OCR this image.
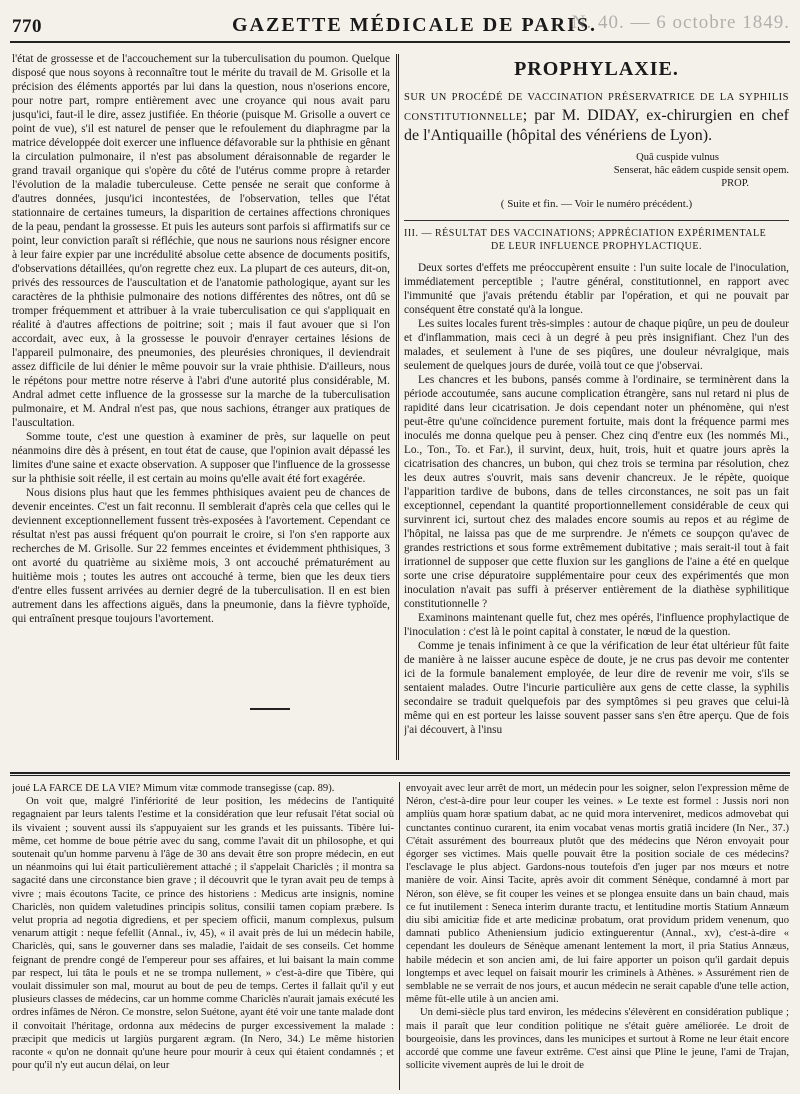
770	GAZETTE MÉDICALE DE PARIS.
N. 40. — 6 octobre 1849.

l'état de grossesse et de l'accouchement sur la tuberculisation du poumon. Quelque disposé que nous soyons à reconnaître tout le mérite du travail de M. Grisolle et la précision des éléments apportés par lui dans la question, nous n'oserions encore, pour notre part, rompre entièrement avec une croyance qui nous avait paru jusqu'ici, faut-il le dire, assez justifiée. En théorie (puisque M. Grisolle a ouvert ce point de vue), s'il est naturel de penser que le refoulement du diaphragme par la matrice développée doit exercer une influence défavorable sur la phthisie en gênant la circulation pulmonaire, il n'est pas absolument déraisonnable de regarder le grand travail organique qui s'opère du côté de l'utérus comme propre à retarder l'évolution de la maladie tuberculeuse. Cette pensée ne serait que conforme à d'autres données, jusqu'ici incontestées, de l'observation, telles que l'état stationnaire de certaines tumeurs, la disparition de certaines affections chroniques de la peau, pendant la grossesse. Et puis les auteurs sont parfois si affirmatifs sur ce point, leur conviction paraît si réfléchie, que nous ne saurions nous résigner encore à leur faire expier par une incrédulité absolue cette absence de documents positifs, d'observations détaillées, qu'on regrette chez eux. La plupart de ces auteurs, dit-on, privés des ressources de l'auscultation et de l'anatomie pathologique, ayant sur les caractères de la phthisie pulmonaire des notions différentes des nôtres, ont dû se tromper fréquemment et attribuer à la vraie tuberculisation ce qui s'appliquait en réalité à d'autres affections de poitrine; soit ; mais il faut avouer que si l'on accordait, avec eux, à la grossesse le pouvoir d'enrayer certaines lésions de l'appareil pulmonaire, des pneumonies, des pleurésies chroniques, il deviendrait assez difficile de lui dénier le même pouvoir sur la vraie phthisie. D'ailleurs, nous le répétons pour mettre notre réserve à l'abri d'une autorité plus considérable, M. Andral admet cette influence de la grossesse sur la marche de la tuberculisation pulmonaire, et M. Andral n'est pas, que nous sachions, étranger aux pratiques de l'auscultation.

Somme toute, c'est une question à examiner de près, sur laquelle on peut néanmoins dire dès à présent, en tout état de cause, que l'opinion avait dépassé les limites d'une saine et exacte observation. A supposer que l'influence de la grossesse sur la phthisie soit réelle, il est certain au moins qu'elle avait été fort exagérée.

Nous disions plus haut que les femmes phthisiques avaient peu de chances de devenir enceintes. C'est un fait reconnu. Il semblerait d'après cela que celles qui le deviennent exceptionnellement fussent très-exposées à l'avortement. Cependant ce résultat n'est pas aussi fréquent qu'on pourrait le croire, si l'on s'en rapporte aux recherches de M. Grisolle. Sur 22 femmes enceintes et évidemment phthisiques, 3 ont avorté du quatrième au sixième mois, 3 ont accouché prématurément au huitième mois ; toutes les autres ont accouché à terme, bien que les deux tiers d'entre elles fussent arrivées au dernier degré de la tuberculisation. Il en est bien autrement dans les affections aiguës, dans la pneumonie, dans la fièvre typhoïde, qui entraînent presque toujours l'avortement.

PROPHYLAXIE.
SUR UN PROCÉDÉ DE VACCINATION PRÉSERVATRICE DE LA SYPHILIS CONSTITUTIONNELLE; par M. DIDAY, ex-chirurgien en chef de l'Antiquaille (hôpital des vénériens de Lyon).
Quâ cuspide vulnus
Senserat, hâc eâdem cuspide sensit opem.
PROP.
( Suite et fin. — Voir le numéro précédent.)
III. — RÉSULTAT DES VACCINATIONS; APPRÉCIATION EXPÉRIMENTALE
DE LEUR INFLUENCE PROPHYLACTIQUE.

Deux sortes d'effets me préoccupèrent ensuite : l'un suite locale de l'inoculation, immédiatement perceptible ; l'autre général, constitutionnel, en rapport avec l'immunité que j'avais prétendu établir par l'opération, et qui ne pouvait par conséquent être constaté qu'à la longue.

Les suites locales furent très-simples : autour de chaque piqûre, un peu de douleur et d'inflammation, mais ceci à un degré à peu près insignifiant. Chez l'un des malades, et seulement à l'une de ses piqûres, une douleur névralgique, mais seulement de quelques jours de durée, voilà tout ce que j'observai.

Les chancres et les bubons, pansés comme à l'ordinaire, se terminèrent dans la période accoutumée, sans aucune complication étrangère, sans nul retard ni plus de rapidité dans leur cicatrisation. Je dois cependant noter un phénomène, qui n'est peut-être qu'une coïncidence purement fortuite, mais dont la fréquence parmi mes inoculés me donna quelque peu à penser. Chez cinq d'entre eux (les nommés Mi., Lo., Ton., To. et Far.), il survint, deux, huit, trois, huit et quatre jours après la cicatrisation des chancres, un bubon, qui chez trois se termina par résolution, chez les deux autres s'ouvrit, mais sans devenir chancreux. Je le répète, quoique l'apparition tardive de bubons, dans de telles circonstances, ne soit pas un fait exceptionnel, cependant la quantité proportionnellement considérable de ceux qui survinrent ici, surtout chez des malades encore soumis au repos et au régime de l'hôpital, ne laissa pas que de me surprendre. Je n'émets ce soupçon qu'avec de grandes restrictions et sous forme extrêmement dubitative ; mais serait-il tout à fait irrationnel de supposer que cette fluxion sur les ganglions de l'aine a été en quelque sorte une crise dépuratoire supplémentaire pour ceux des expérimentés que mon inoculation n'avait pas suffi à préserver entièrement de la diathèse syphilitique constitutionnelle ?

Examinons maintenant quelle fut, chez mes opérés, l'influence prophylactique de l'inoculation : c'est là le point capital à constater, le nœud de la question.

Comme je tenais infiniment à ce que la vérification de leur état ultérieur fût faite de manière à ne laisser aucune espèce de doute, je ne crus pas devoir me contenter ici de la formule banalement employée, de leur dire de revenir me voir, s'ils se sentaient malades. Outre l'incurie particulière aux gens de cette classe, la syphilis secondaire se traduit quelquefois par des symptômes si peu graves que celui-là même qui en est porteur les laisse souvent passer sans s'en être aperçu. Que de fois j'ai découvert, à l'insu

joué LA FARCE DE LA VIE? Mimum vitæ commode transegisse (cap. 89).

On voit que, malgré l'infériorité de leur position, les médecins de l'antiquité regagnaient par leurs talents l'estime et la considération que leur refusait l'état social où ils vivaient ; souvent aussi ils s'appuyaient sur les grands et les puissants. Tibère lui-même, cet homme de boue pétrie avec du sang, comme l'avait dit un philosophe, et qui soutenait qu'un homme parvenu à l'âge de 30 ans devait être son propre médecin, en eut un néanmoins qui lui était particulièrement attaché ; il s'appelait Chariclès ; il montra sa sagacité dans une circonstance bien grave ; il découvrit que le tyran avait peu de temps à vivre ; mais écoutons Tacite, ce prince des historiens : Medicus arte insignis, nomine Chariclès, non quidem valetudines principis solitus, consilii tamen copiam præbere. Is velut propria ad negotia digrediens, et per speciem officii, manum complexus, pulsum venarum attigit : neque fefellit (Annal., iv, 45), « il avait près de lui un médecin habile, Chariclès, qui, sans le gouverner dans ses maladie, l'aidait de ses conseils. Cet homme feignant de prendre congé de l'empereur pour ses affaires, et lui baisant la main comme par respect, lui tâta le pouls et ne se trompa nullement, » c'est-à-dire que Tibère, qui voulait dissimuler son mal, mourut au bout de peu de temps. Certes il fallait qu'il y eut plusieurs classes de médecins, car un homme comme Chariclès n'aurait jamais exécuté les ordres infâmes de Néron. Ce monstre, selon Suétone, ayant été voir une tante malade dont il convoitait l'héritage, ordonna aux médecins de purger excessivement la malade : præcipit que medicis ut largiùs purgarent ægram. (In Nero, 34.) Le même historien raconte « qu'on ne donnait qu'une heure pour mourir à ceux qui étaient condamnés ; et pour qu'il n'y eut aucun délai, on leur

envoyait avec leur arrêt de mort, un médecin pour les soigner, selon l'expression même de Néron, c'est-à-dire pour leur couper les veines. » Le texte est formel : Jussis nori non ampliùs quam horæ spatium dabat, ac ne quid mora interveniret, medicos admovebat qui cunctantes continuo curarent, ita enim vocabat venas mortis gratiâ incidere (In Ner., 37.) C'était assurément des bourreaux plutôt que des médecins que Néron envoyait pour égorger ses victimes. Mais quelle pouvait être la position sociale de ces médecins? l'esclavage le plus abject. Gardons-nous toutefois d'en juger par nos mœurs et notre manière de voir. Ainsi Tacite, après avoir dit comment Sénèque, condamné à mort par Néron, son élève, se fit couper les veines et se plongea ensuite dans un bain chaud, mais ce fut inutilement : Seneca interim durante tractu, et lentitudine mortis Statium Annæum diu sibi amicitiæ fide et arte medicinæ probatum, orat providum pridem venenum, quo damnati publico Atheniensium judicio extinguerentur (Annal., xv), c'est-à-dire « cependant les douleurs de Sénèque amenant lentement la mort, il pria Statius Annæus, habile médecin et son ancien ami, de lui faire apporter un poison qu'il gardait depuis longtemps et avec lequel on faisait mourir les criminels à Athènes. » Assurément rien de semblable ne se verrait de nos jours, et aucun médecin ne serait capable d'une telle action, même fût-elle utile à un ancien ami.

Un demi-siècle plus tard environ, les médecins s'élevèrent en considération publique ; mais il paraît que leur condition politique ne s'était guère améliorée. Le droit de bourgeoisie, dans les provinces, dans les municipes et surtout à Rome ne leur était encore accordé que comme une faveur extrême. C'est ainsi que Pline le jeune, l'ami de Trajan, sollicite vivement auprès de lui le droit de
